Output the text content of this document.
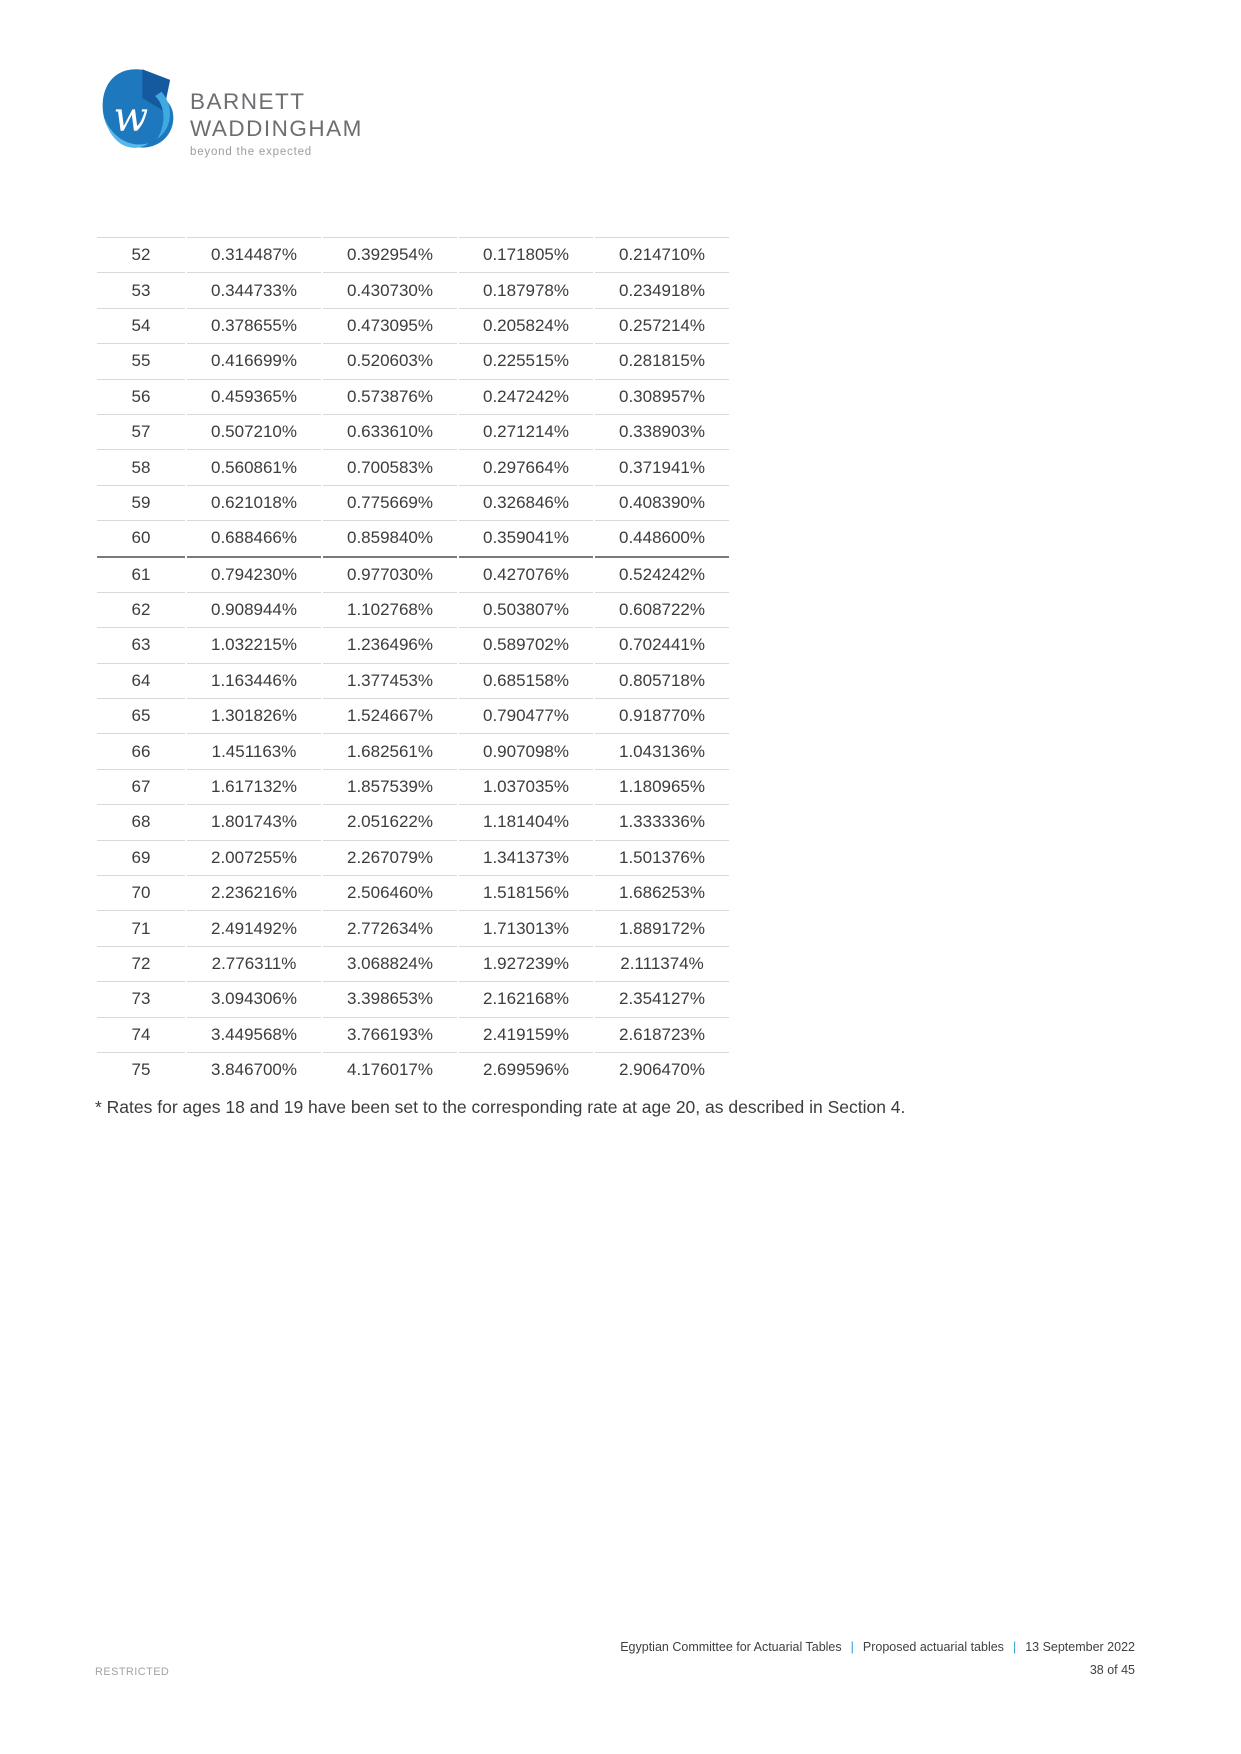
w BARNETT
WADDINGHAM
beyond the expected
52	0.314487%	0.392954%	0.171805%	0.214710%
53	0.344733%	0.430730%	0.187978%	0.234918%
54	0.378655%	0.473095%	0.205824%	0.257214%
55	0.416699%	0.520603%	0.225515%	0.281815%
56	0.459365%	0.573876%	0.247242%	0.308957%
57	0.507210%	0.633610%	0.271214%	0.338903%
58	0.560861%	0.700583%	0.297664%	0.371941%
59	0.621018%	0.775669%	0.326846%	0.408390%
60	0.688466%	0.859840%	0.359041%	0.448600%
61	0.794230%	0.977030%	0.427076%	0.524242%
62	0.908944%	1.102768%	0.503807%	0.608722%
63	1.032215%	1.236496%	0.589702%	0.702441%
64	1.163446%	1.377453%	0.685158%	0.805718%
65	1.301826%	1.524667%	0.790477%	0.918770%
66	1.451163%	1.682561%	0.907098%	1.043136%
67	1.617132%	1.857539%	1.037035%	1.180965%
68	1.801743%	2.051622%	1.181404%	1.333336%
69	2.007255%	2.267079%	1.341373%	1.501376%
70	2.236216%	2.506460%	1.518156%	1.686253%
71	2.491492%	2.772634%	1.713013%	1.889172%
72	2.776311%	3.068824%	1.927239%	2.111374%
73	3.094306%	3.398653%	2.162168%	2.354127%
74	3.449568%	3.766193%	2.419159%	2.618723%
75	3.846700%	4.176017%	2.699596%	2.906470%
* Rates for ages 18 and 19 have been set to the corresponding rate at age 20, as described in Section 4.
Egyptian Committee for Actuarial Tables | Proposed actuarial tables | 13 September 2022
RESTRICTED	38 of 45
